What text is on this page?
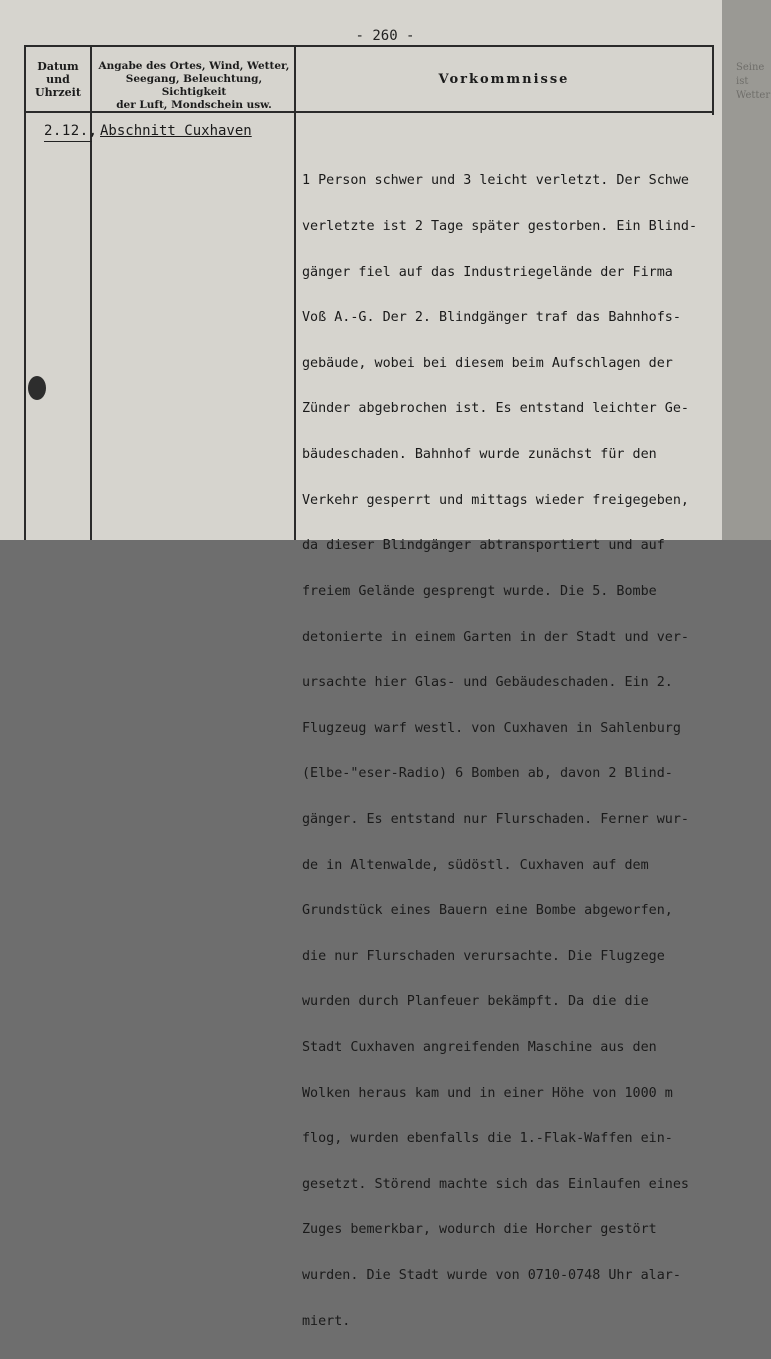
Seine
ist
Wetter
- 260 -
Datum
und
Uhrzeit
Angabe des Ortes, Wind, Wetter,
Seegang, Beleuchtung, Sichtigkeit
der Luft, Mondschein usw.
Vorkommnisse
2.12., Abschnitt Cuxhaven

1 Person schwer und 3 leicht verletzt. Der Schwe

verletzte ist 2 Tage später gestorben. Ein Blind-

gänger fiel auf das Industriegelände der Firma

Voß A.-G. Der 2. Blindgänger traf das Bahnhofs-

gebäude, wobei bei diesem beim Aufschlagen der

Zünder abgebrochen ist. Es entstand leichter Ge-

bäudeschaden. Bahnhof wurde zunächst für den

Verkehr gesperrt und mittags wieder freigegeben,

da dieser Blindgänger abtransportiert und auf

freiem Gelände gesprengt wurde. Die 5. Bombe

detonierte in einem Garten in der Stadt und ver-

ursachte hier Glas- und Gebäudeschaden. Ein 2.

Flugzeug warf westl. von Cuxhaven in Sahlenburg

(Elbe-"eser-Radio) 6 Bomben ab, davon 2 Blind-

gänger. Es entstand nur Flurschaden. Ferner wur-

de in Altenwalde, südöstl. Cuxhaven auf dem

Grundstück eines Bauern eine Bombe abgeworfen,

die nur Flurschaden verursachte. Die Flugzege

wurden durch Planfeuer bekämpft. Da die die

Stadt Cuxhaven angreifenden Maschine aus den

Wolken heraus kam und in einer Höhe von 1000 m

flog, wurden ebenfalls die 1.-Flak-Waffen ein-

gesetzt. Störend machte sich das Einlaufen eines

Zuges bemerkbar, wodurch die Horcher gestört

wurden. Die Stadt wurde von 0710-0748 Uhr alar-

miert.
